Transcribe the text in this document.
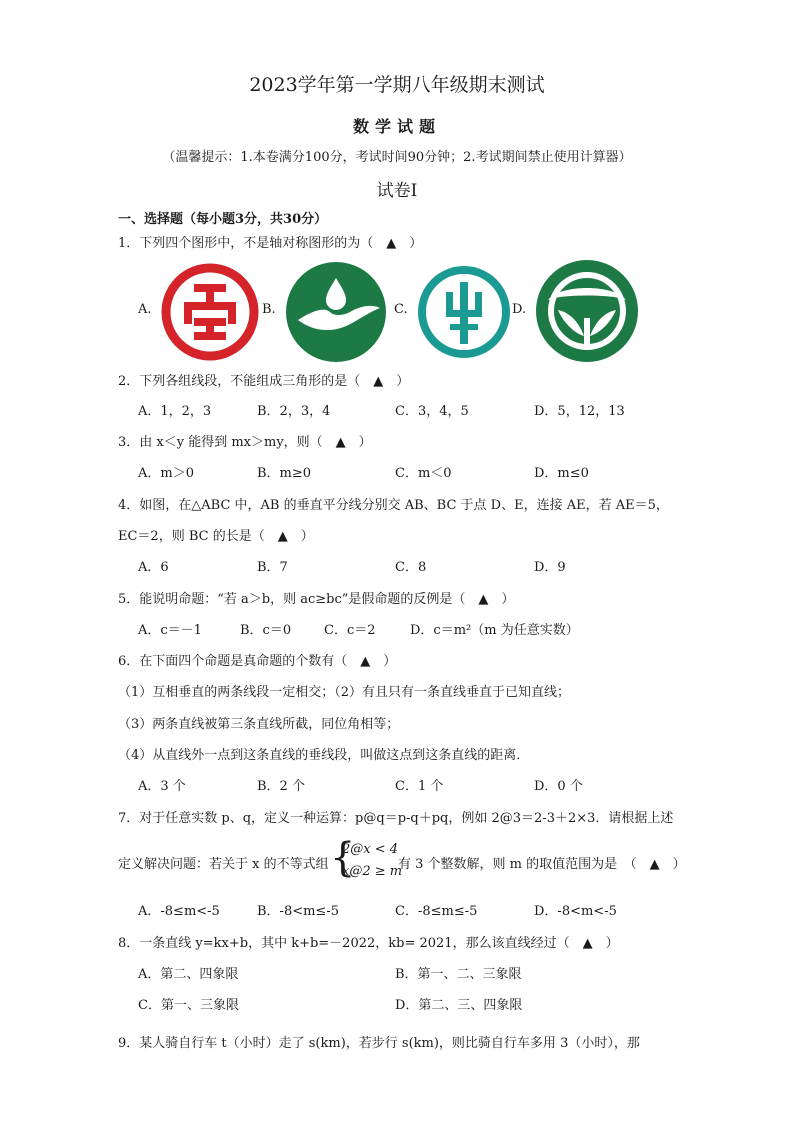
2023学年第一学期八年级期末测试
数学试题
（温馨提示：1.本卷满分100分，考试时间90分钟；2.考试期间禁止使用计算器）
试卷Ⅰ
一、选择题（每小题3分，共30分）
1．下列四个图形中，不是轴对称图形的为（　▲　）
A.	B.	C.	D.
2．下列各组线段，不能组成三角形的是（　▲　）
A．1，2，3	B．2，3，4	C．3，4，5	D．5，12，13
3．由 x＜y 能得到 mx＞my，则（　▲　）
A．m＞0	B．m≥0	C．m＜0	D．m≤0
4．如图，在△ABC 中，AB 的垂直平分线分别交 AB、BC 于点 D、E，连接 AE，若 AE＝5，
EC＝2，则 BC 的长是（　▲　）
A．6	B．7	C．8	D．9
5．能说明命题：“若 a＞b，则 ac≥bc”是假命题的反例是（　▲　）
A．c＝－1	B．c＝0	C．c＝2	D．c＝m²（m 为任意实数）
6．在下面四个命题是真命题的个数有（　▲　）
（1）互相垂直的两条线段一定相交；（2）有且只有一条直线垂直于已知直线；
（3）两条直线被第三条直线所截，同位角相等；
（4）从直线外一点到这条直线的垂线段，叫做这点到这条直线的距离．
A．3 个	B．2 个	C．1 个	D．0 个
7．对于任意实数 p、q，定义一种运算：p@q＝p-q＋pq，例如 2@3＝2-3＋2×3．请根据上述
定义解决问题：若关于 x 的不等式组 {
2@x < 4
x@2 ≥ m
有 3 个整数解，则 m 的取值范围为是　（　▲　）
A．-8≤m<-5	B．-8<m≤-5	C．-8≤m≤-5	D．-8<m<-5
8．一条直线 y=kx+b，其中 k+b=－2022，kb= 2021，那么该直线经过（　▲　）
A．第二、四象限	B．第一、二、三象限
C．第一、三象限	D．第二、三、四象限
9．某人骑自行车 t（小时）走了 s(km)，若步行 s(km)，则比骑自行车多用 3（小时），那
